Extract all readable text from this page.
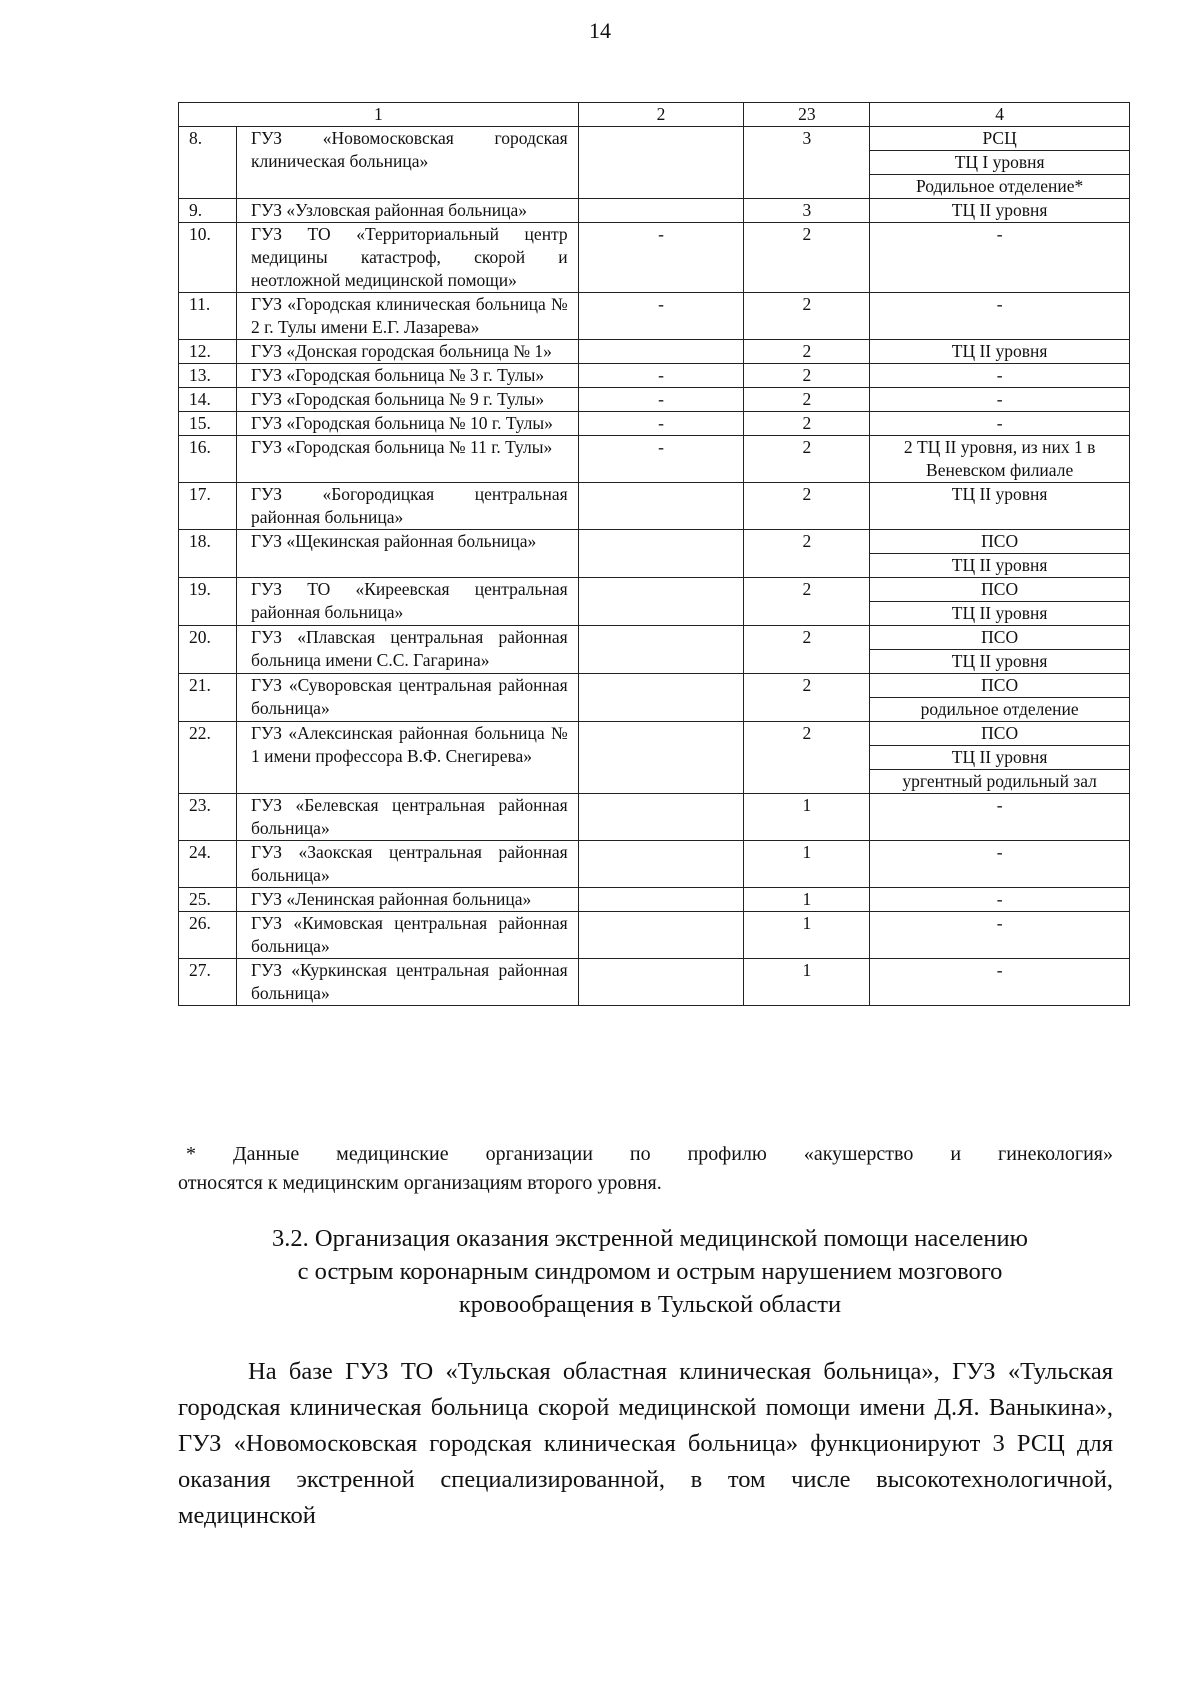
14
1		2	23	4
8.	ГУЗ «Новомосковская городская клиническая больница»		3	РСЦ
ТЦ I уровня
Родильное отделение*

9.	ГУЗ «Узловская районная больница»		3	ТЦ II уровня

10.	ГУЗ ТО «Территориальный центр медицины катастроф, скорой и неотложной медицинской помощи»	-	2	-

11.	ГУЗ «Городская клиническая больница № 2 г. Тулы имени Е.Г. Лазарева»	-	2	-

12.	ГУЗ «Донская городская больница № 1»		2	ТЦ II уровня

13.	ГУЗ «Городская больница № 3 г. Тулы»	-	2	-

14.	ГУЗ «Городская больница № 9 г. Тулы»	-	2	-

15.	ГУЗ «Городская больница № 10 г. Тулы»	-	2	-

16.	ГУЗ «Городская больница № 11 г. Тулы»	-	2	2 ТЦ II уровня, из них 1 в Веневском филиале

17.	ГУЗ «Богородицкая центральная районная больница»		2	ТЦ II уровня

18.	ГУЗ «Щекинская районная больница»		2	ПСО
ТЦ II уровня

19.	ГУЗ ТО «Киреевская центральная районная больница»		2	ПСО
ТЦ II уровня

20.	ГУЗ «Плавская центральная районная больница имени С.С. Гагарина»		2	ПСО
ТЦ II уровня

21.	ГУЗ «Суворовская центральная районная больница»		2	ПСО
родильное отделение

22.	ГУЗ «Алексинская районная больница № 1 имени профессора В.Ф. Снегирева»		2	ПСО
ТЦ II уровня
ургентный родильный зал

23.	ГУЗ «Белевская центральная районная больница»		1	-

24.	ГУЗ «Заокская центральная районная больница»		1	-

25.	ГУЗ «Ленинская районная больница»		1	-

26.	ГУЗ «Кимовская центральная районная больница»		1	-

27.	ГУЗ «Куркинская центральная районная больница»		1	-
* Данные медицинские организации по профилю «акушерство и гинекология»
относятся к медицинским организациям второго уровня.
3.2. Организация оказания экстренной медицинской помощи населению
с острым коронарным синдромом и острым нарушением мозгового
кровообращения в Тульской области
На базе ГУЗ ТО «Тульская областная клиническая больница», ГУЗ «Тульская городская клиническая больница скорой медицинской помощи имени Д.Я. Ваныкина», ГУЗ «Новомосковская городская клиническая больница» функционируют 3 РСЦ для оказания экстренной специализированной, в том числе высокотехнологичной, медицинской
